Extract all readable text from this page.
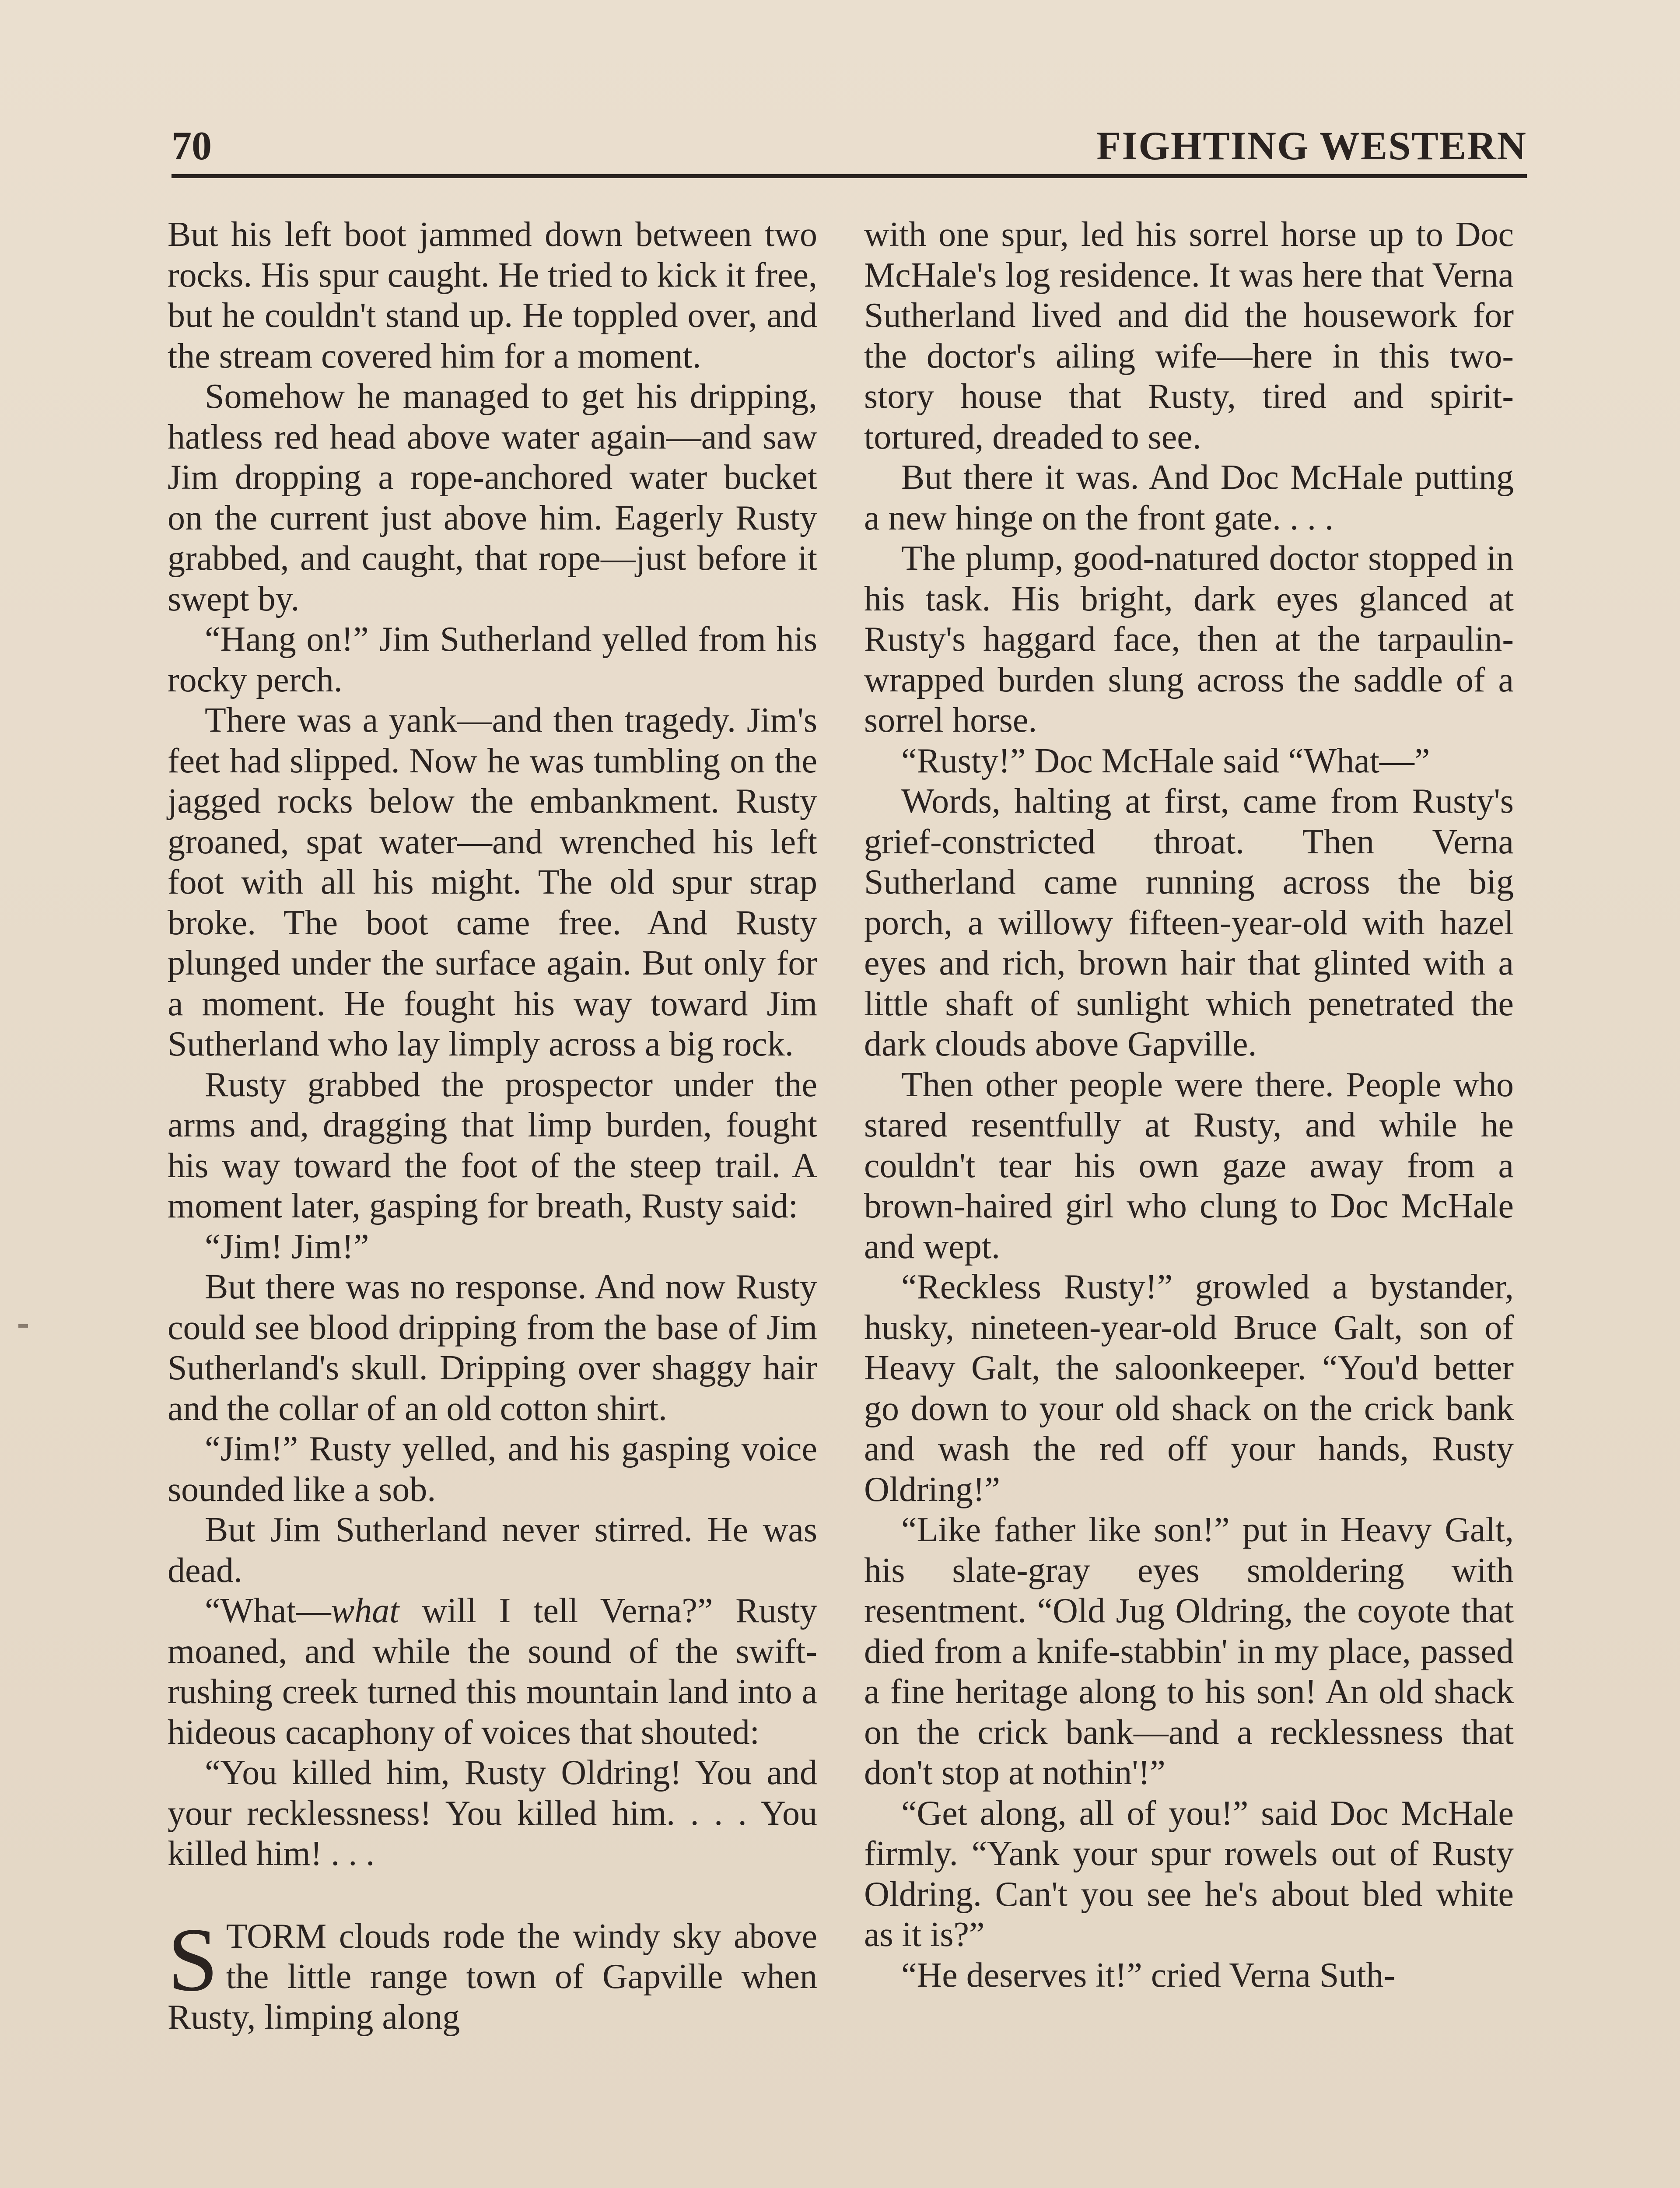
70	FIGHTING WESTERN

But his left boot jammed down between two rocks. His spur caught. He tried to kick it free, but he couldn't stand up. He toppled over, and the stream covered him for a moment.

Somehow he managed to get his dripping, hatless red head above water again—and saw Jim dropping a rope-anchored water bucket on the current just above him. Eagerly Rusty grabbed, and caught, that rope—just before it swept by.

“Hang on!” Jim Sutherland yelled from his rocky perch.

There was a yank—and then tragedy. Jim's feet had slipped. Now he was tumbling on the jagged rocks below the embankment. Rusty groaned, spat water—and wrenched his left foot with all his might. The old spur strap broke. The boot came free. And Rusty plunged under the surface again. But only for a moment. He fought his way toward Jim Sutherland who lay limply across a big rock.

Rusty grabbed the prospector under the arms and, dragging that limp burden, fought his way toward the foot of the steep trail. A moment later, gasping for breath, Rusty said:

“Jim! Jim!”

But there was no response. And now Rusty could see blood dripping from the base of Jim Sutherland's skull. Dripping over shaggy hair and the collar of an old cotton shirt.

“Jim!” Rusty yelled, and his gasping voice sounded like a sob.

But Jim Sutherland never stirred. He was dead.

“What—what will I tell Verna?” Rusty moaned, and while the sound of the swift-rushing creek turned this mountain land into a hideous cacaphony of voices that shouted:

“You killed him, Rusty Oldring! You and your recklessness! You killed him. . . . You killed him! . . .

STORM clouds rode the windy sky above the little range town of Gapville when Rusty, limping along

with one spur, led his sorrel horse up to Doc McHale's log residence. It was here that Verna Sutherland lived and did the housework for the doctor's ailing wife—here in this two-story house that Rusty, tired and spirit-tortured, dreaded to see.

But there it was. And Doc McHale putting a new hinge on the front gate. . . .

The plump, good-natured doctor stopped in his task. His bright, dark eyes glanced at Rusty's haggard face, then at the tarpaulin-wrapped burden slung across the saddle of a sorrel horse.

“Rusty!” Doc McHale said “What—”

Words, halting at first, came from Rusty's grief-constricted throat. Then Verna Sutherland came running across the big porch, a willowy fifteen-year-old with hazel eyes and rich, brown hair that glinted with a little shaft of sunlight which penetrated the dark clouds above Gapville.

Then other people were there. People who stared resentfully at Rusty, and while he couldn't tear his own gaze away from a brown-haired girl who clung to Doc McHale and wept.

“Reckless Rusty!” growled a bystander, husky, nineteen-year-old Bruce Galt, son of Heavy Galt, the saloonkeeper. “You'd better go down to your old shack on the crick bank and wash the red off your hands, Rusty Oldring!”

“Like father like son!” put in Heavy Galt, his slate-gray eyes smoldering with resentment. “Old Jug Oldring, the coyote that died from a knife-stabbin' in my place, passed a fine heritage along to his son! An old shack on the crick bank—and a recklessness that don't stop at nothin'!”

“Get along, all of you!” said Doc McHale firmly. “Yank your spur rowels out of Rusty Oldring. Can't you see he's about bled white as it is?”

“He deserves it!” cried Verna Suth-
